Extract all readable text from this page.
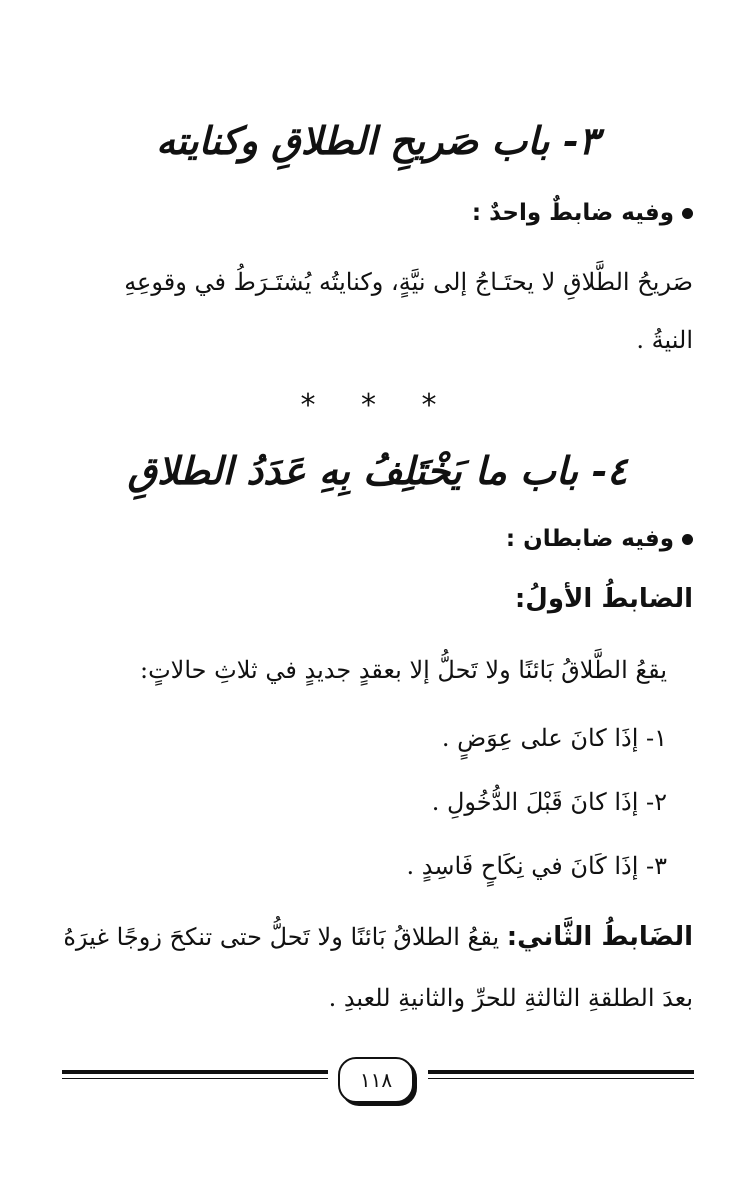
٣- باب صَريحِ الطلاقِ وكنايته
وفيه ضابطٌ واحدٌ :
صَريحُ الطَّلاقِ لا يحتَـاجُ إلى نيَّةٍ، وكنايتُه يُشتَـرَطُ في وقوعِهِ
النيةُ .
* * *
٤- باب ما يَخْتَلِفُ بِهِ عَدَدُ الطلاقِ
وفيه ضابطان :
الضابطُ الأولُ:
يقعُ الطَّلاقُ بَائنًا ولا تَحلُّ إلا بعقدٍ جديدٍ في ثلاثِ حالاتٍ:
١- إذَا كانَ على عِوَضٍ .
٢- إذَا كانَ قَبْلَ الدُّخُولِ .
٣- إذَا كَانَ في نِكَاحٍ فَاسِدٍ .
الضَابطُ الثَّاني: يقعُ الطلاقُ بَائنًا ولا تَحلُّ حتى تنكحَ زوجًا غيرَهُ
بعدَ الطلقةِ الثالثةِ للحرِّ والثانيةِ للعبدِ .
١١٨
